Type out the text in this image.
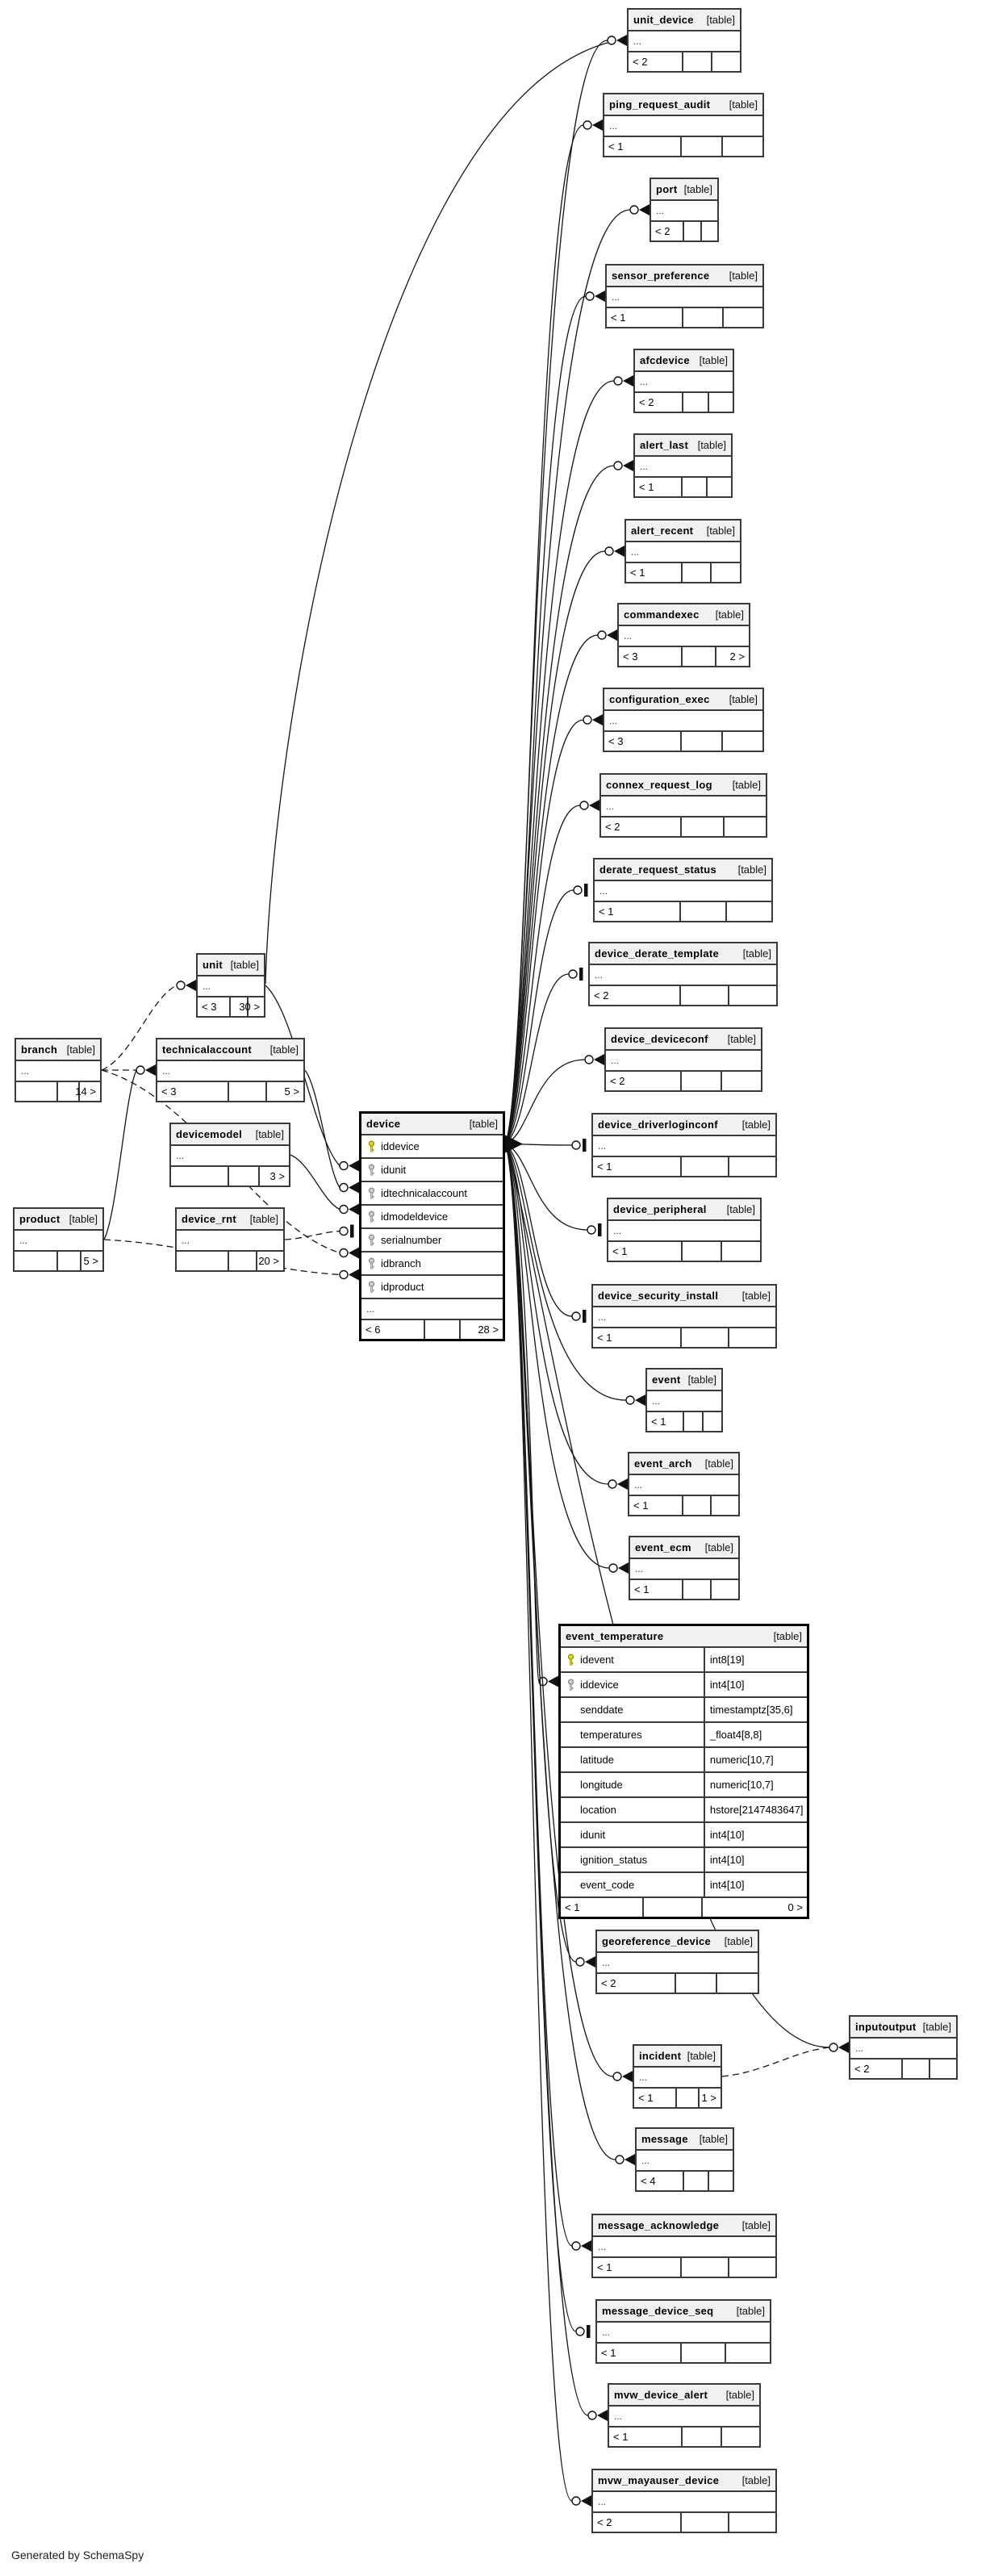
unit_device [table]
...
< 2
ping_request_audit [table]
...
< 1
port [table]
...
< 2
sensor_preference [table]
...
< 1
afcdevice [table]
...
< 2
alert_last [table]
...
< 1
alert_recent [table]
...
< 1
commandexec [table]
...
< 3	2 >
configuration_exec [table]
...
< 3
connex_request_log [table]
...
< 2
derate_request_status [table]
...
< 1
device_derate_template [table]
...
< 2
device_deviceconf [table]
...
< 2
device_driverloginconf [table]
...
< 1
device_peripheral [table]
...
< 1
device_security_install [table]
...
< 1
event [table]
...
< 1
event_arch [table]
...
< 1
event_ecm [table]
...
< 1
event_temperature	[table]
idevent	int8[19]
iddevice	int4[10]
senddate	timestamptz[35,6]
temperatures	_float4[8,8]
latitude	numeric[10,7]
longitude	numeric[10,7]
location	hstore[2147483647]
idunit	int4[10]
ignition_status	int4[10]
event_code	int4[10]
< 1	0 >
georeference_device [table]
...
< 2
inputoutput [table]
...
< 2
incident [table]
...
< 1	1 >
message [table]
...
< 4
message_acknowledge [table]
...
< 1
message_device_seq [table]
...
< 1
mvw_device_alert [table]
...
< 1
mvw_mayauser_device [table]
...
< 2
unit [table]
...
< 3	30 >
branch [table]
...
14 >
technicalaccount [table]
...
< 3	5 >
devicemodel [table]
...
3 >
product [table]
...
5 >
device_rnt [table]
...
20 >
device	[table]
iddevice
idunit
idtechnicalaccount
idmodeldevice
serialnumber
idbranch
idproduct
...
< 6	28 >
Generated by SchemaSpy
